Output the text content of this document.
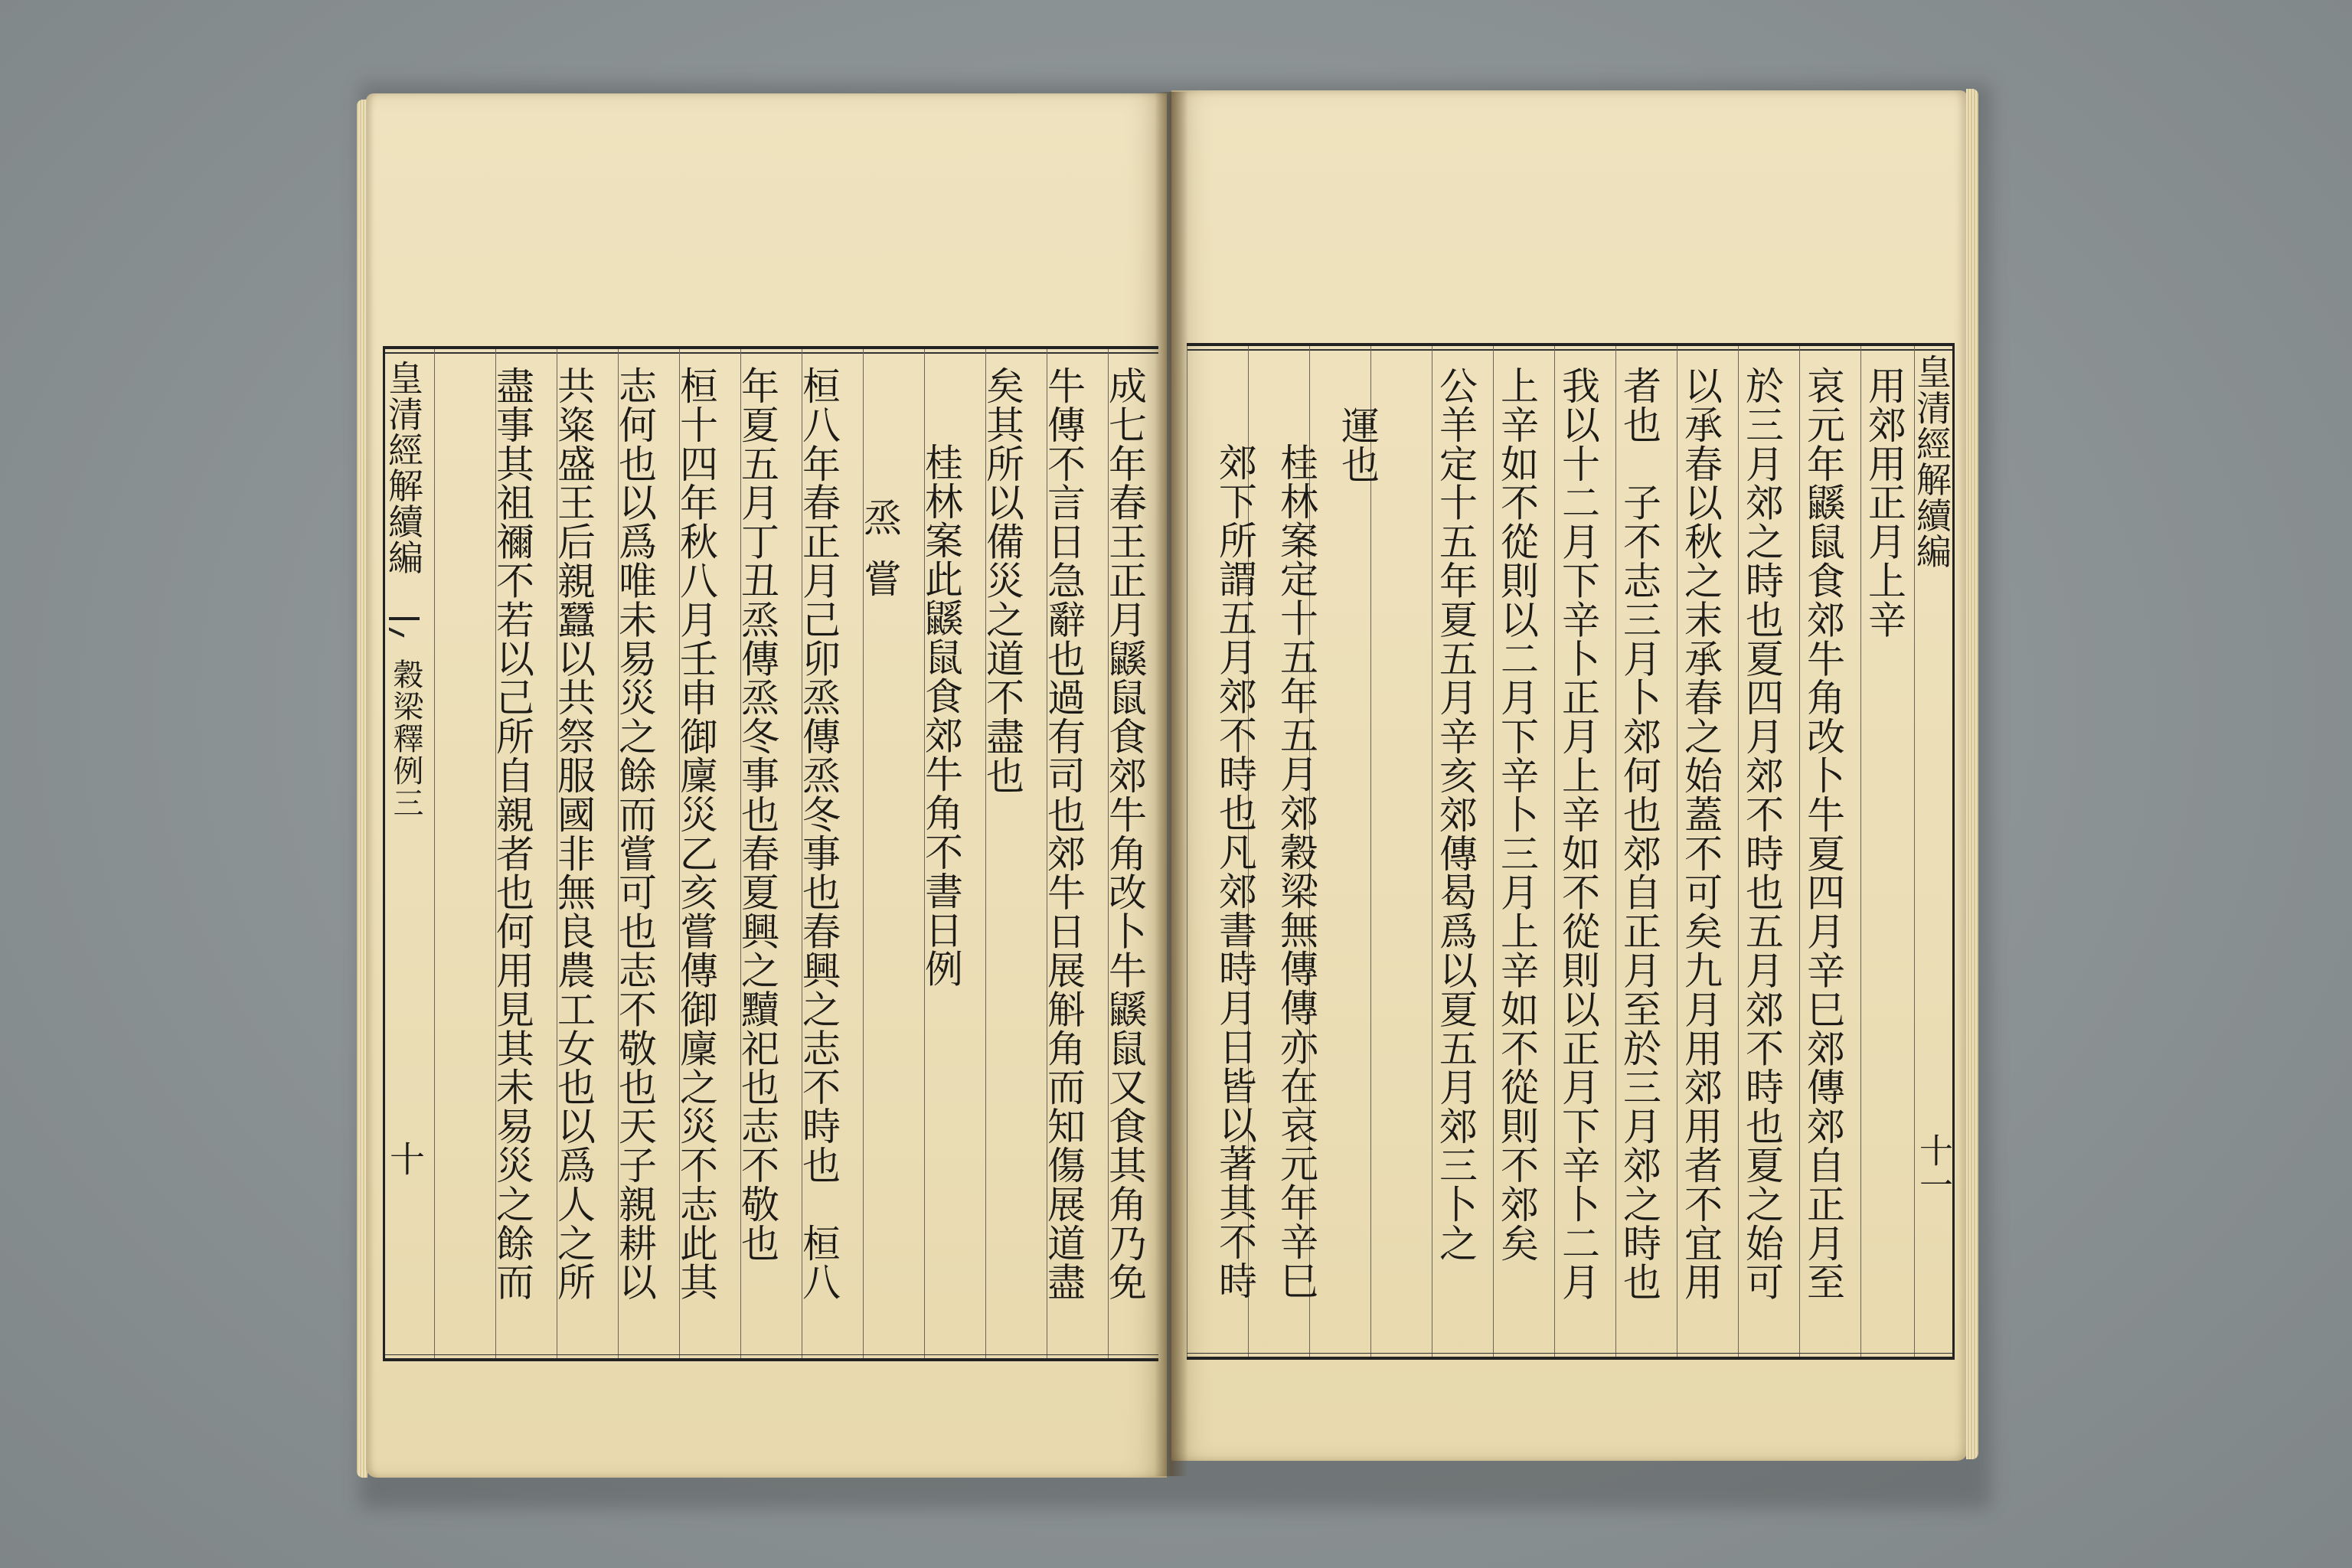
皇清經解續編
穀梁釋例三
十	成七年春王正月鼷鼠食郊牛角改卜牛鼷鼠又食其角乃免
牛傳不言日急辭也過有司也郊牛日展斛角而知傷展道盡
矣其所以備災之道不盡也
桂林案此鼷鼠食郊牛角不書日例
烝嘗
桓八年春正月己卯烝傳烝冬事也春興之志不時也　桓八
年夏五月丁丑烝傳烝冬事也春夏興之黷祀也志不敬也
桓十四年秋八月壬申御廩災乙亥嘗傳御廩之災不志此其
志何也以爲唯未易災之餘而嘗可也志不敬也天子親耕以
共粢盛王后親蠶以共祭服國非無良農工女也以爲人之所
盡事其祖禰不若以己所自親者也何用見其未易災之餘而	皇清經解續編
十一
用郊用正月上辛
哀元年鼷鼠食郊牛角改卜牛夏四月辛巳郊傳郊自正月至
於三月郊之時也夏四月郊不時也五月郊不時也夏之始可
以承春以秋之末承春之始蓋不可矣九月用郊用者不宜用
者也　子不志三月卜郊何也郊自正月至於三月郊之時也
我以十二月下辛卜正月上辛如不從則以正月下辛卜二月
上辛如不從則以二月下辛卜三月上辛如不從則不郊矣
公羊定十五年夏五月辛亥郊傳曷爲以夏五月郊三卜之
運也
桂林案定十五年五月郊穀梁無傳傳亦在哀元年辛巳
郊下所謂五月郊不時也凡郊書時月日皆以著其不時
